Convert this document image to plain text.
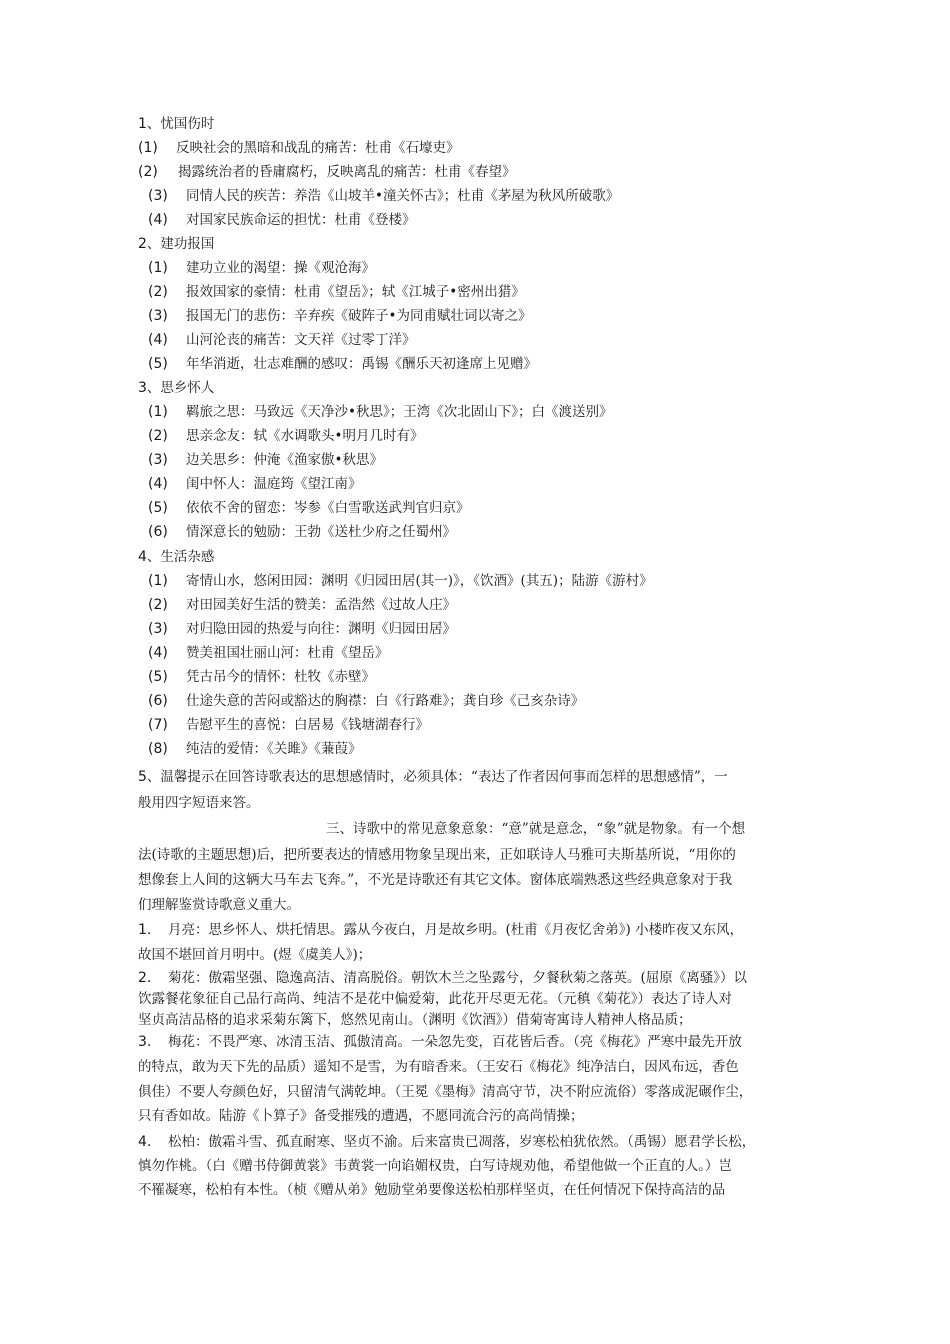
1、忧国伤时
(1) 反映社会的黑暗和战乱的痛苦：杜甫《石壕吏》
(2) 揭露统治者的昏庸腐朽，反映离乱的痛苦：杜甫《春望》
(3) 同情人民的疾苦：养浩《山坡羊•潼关怀古》；杜甫《茅屋为秋风所破歌》
(4) 对国家民族命运的担忧：杜甫《登楼》
2、建功报国
(1) 建功立业的渴望：操《观沧海》
(2) 报效国家的豪情：杜甫《望岳》；轼《江城子•密州出猎》
(3) 报国无门的悲伤：辛弃疾《破阵子•为同甫赋壮词以寄之》
(4) 山河沦丧的痛苦：文天祥《过零丁洋》
(5) 年华消逝，壮志难酬的感叹：禹锡《酬乐天初逢席上见赠》
3、思乡怀人
(1) 羁旅之思：马致远《天净沙•秋思》；王湾《次北固山下》；白《渡送别》
(2) 思亲念友：轼《水调歌头•明月几时有》
(3) 边关思乡：仲淹《渔家傲•秋思》
(4) 闺中怀人：温庭筠《望江南》
(5) 依依不舍的留恋：岑参《白雪歌送武判官归京》
(6) 情深意长的勉励：王勃《送杜少府之任蜀州》
4、生活杂感
(1) 寄情山水，悠闲田园：渊明《归园田居(其一)》，《饮酒》(其五)；陆游《游村》
(2) 对田园美好生活的赞美：孟浩然《过故人庄》
(3) 对归隐田园的热爱与向往：渊明《归园田居》
(4) 赞美祖国壮丽山河：杜甫《望岳》
(5) 凭古吊今的情怀：杜牧《赤壁》
(6) 仕途失意的苦闷或豁达的胸襟：白《行路难》；龚自珍《己亥杂诗》
(7) 告慰平生的喜悦：白居易《钱塘湖春行》
(8) 纯洁的爱情：《关雎》《蒹葭》
5、温馨提示在回答诗歌表达的思想感情时，必须具体：“表达了作者因何事而怎样的思想感情”，一
般用四字短语来答。
三、诗歌中的常见意象意象：“意”就是意念，“象”就是物象。有一个想
法(诗歌的主题思想)后，把所要表达的情感用物象呈现出来，正如联诗人马雅可夫斯基所说，“用你的
想像套上人间的这辆大马车去飞奔。”，不光是诗歌还有其它文体。窗体底端熟悉这些经典意象对于我
们理解鉴赏诗歌意义重大。
1. 月亮：思乡怀人、烘托情思。露从今夜白，月是故乡明。(杜甫《月夜忆舍弟》) 小楼昨夜又东风，
故国不堪回首月明中。(煜《虞美人》)；
2. 菊花：傲霜坚强、隐逸高洁、清高脱俗。朝饮木兰之坠露兮，夕餐秋菊之落英。(屈原《离骚》）以
饮露餐花象征自己品行高尚、纯洁不是花中偏爱菊，此花开尽更无花。（元稹《菊花》）表达了诗人对
坚贞高洁品格的追求采菊东篱下，悠然见南山。（渊明《饮酒》）借菊寄寓诗人精神人格品质；
3. 梅花：不畏严寒、冰清玉洁、孤傲清高。一朵忽先变，百花皆后香。（亮《梅花》严寒中最先开放
的特点，敢为天下先的品质）遥知不是雪，为有暗香来。（王安石《梅花》纯净洁白，因风布远，香色
俱佳）不要人夸颜色好，只留清气满乾坤。（王冕《墨梅》清高守节，决不附应流俗）零落成泥碾作尘，
只有香如故。陆游《卜算子》备受摧残的遭遇，不愿同流合污的高尚情操；
4. 松柏：傲霜斗雪、孤直耐寒、坚贞不渝。后来富贵已凋落，岁寒松柏犹依然。（禹锡）愿君学长松，
慎勿作桃。（白《赠书侍御黄裳》韦黄裳一向谄媚权贵，白写诗规劝他，希望他做一个正直的人。）岂
不罹凝寒，松柏有本性。（桢《赠从弟》勉励堂弟要像送松柏那样坚贞，在任何情况下保持高洁的品
